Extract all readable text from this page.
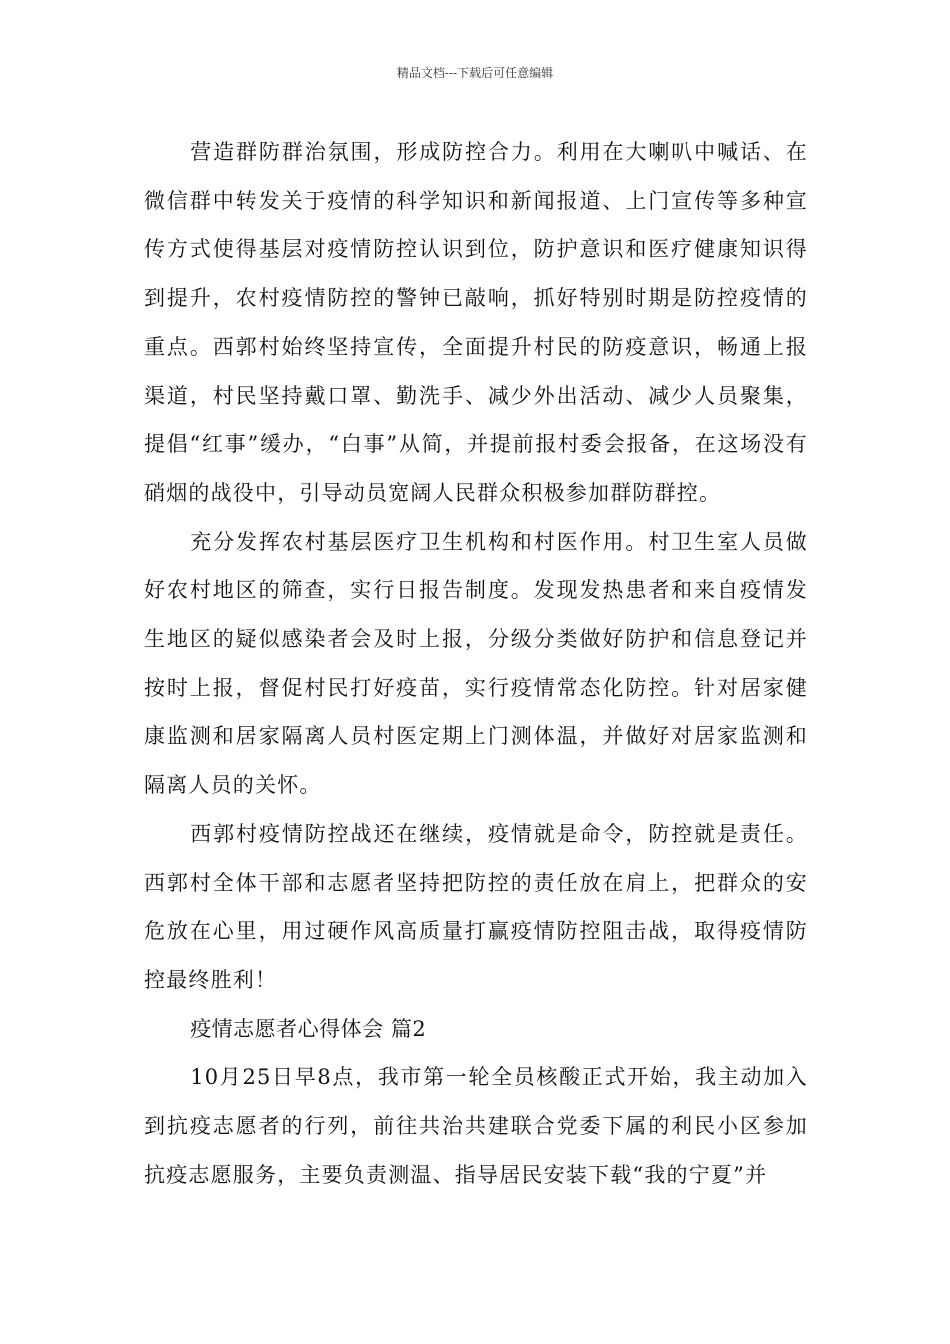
精品文档---下载后可任意编辑

营造群防群治氛围，形成防控合力。利用在大喇叭中喊话、在微信群中转发关于疫情的科学知识和新闻报道、上门宣传等多种宣传方式使得基层对疫情防控认识到位，防护意识和医疗健康知识得到提升，农村疫情防控的警钟已敲响，抓好特别时期是防控疫情的重点。西郭村始终坚持宣传，全面提升村民的防疫意识，畅通上报渠道，村民坚持戴口罩、勤洗手、减少外出活动、减少人员聚集，提倡“红事”缓办，“白事”从简，并提前报村委会报备，在这场没有硝烟的战役中，引导动员宽阔人民群众积极参加群防群控。

充分发挥农村基层医疗卫生机构和村医作用。村卫生室人员做好农村地区的筛查，实行日报告制度。发现发热患者和来自疫情发生地区的疑似感染者会及时上报，分级分类做好防护和信息登记并按时上报，督促村民打好疫苗，实行疫情常态化防控。针对居家健康监测和居家隔离人员村医定期上门测体温，并做好对居家监测和隔离人员的关怀。

西郭村疫情防控战还在继续，疫情就是命令，防控就是责任。西郭村全体干部和志愿者坚持把防控的责任放在肩上，把群众的安危放在心里，用过硬作风高质量打赢疫情防控阻击战，取得疫情防控最终胜利！

疫情志愿者心得体会 篇2

10月25日早8点，我市第一轮全员核酸正式开始，我主动加入到抗疫志愿者的行列，前往共治共建联合党委下属的利民小区参加抗疫志愿服务，主要负责测温、指导居民安装下载“我的宁夏”并
